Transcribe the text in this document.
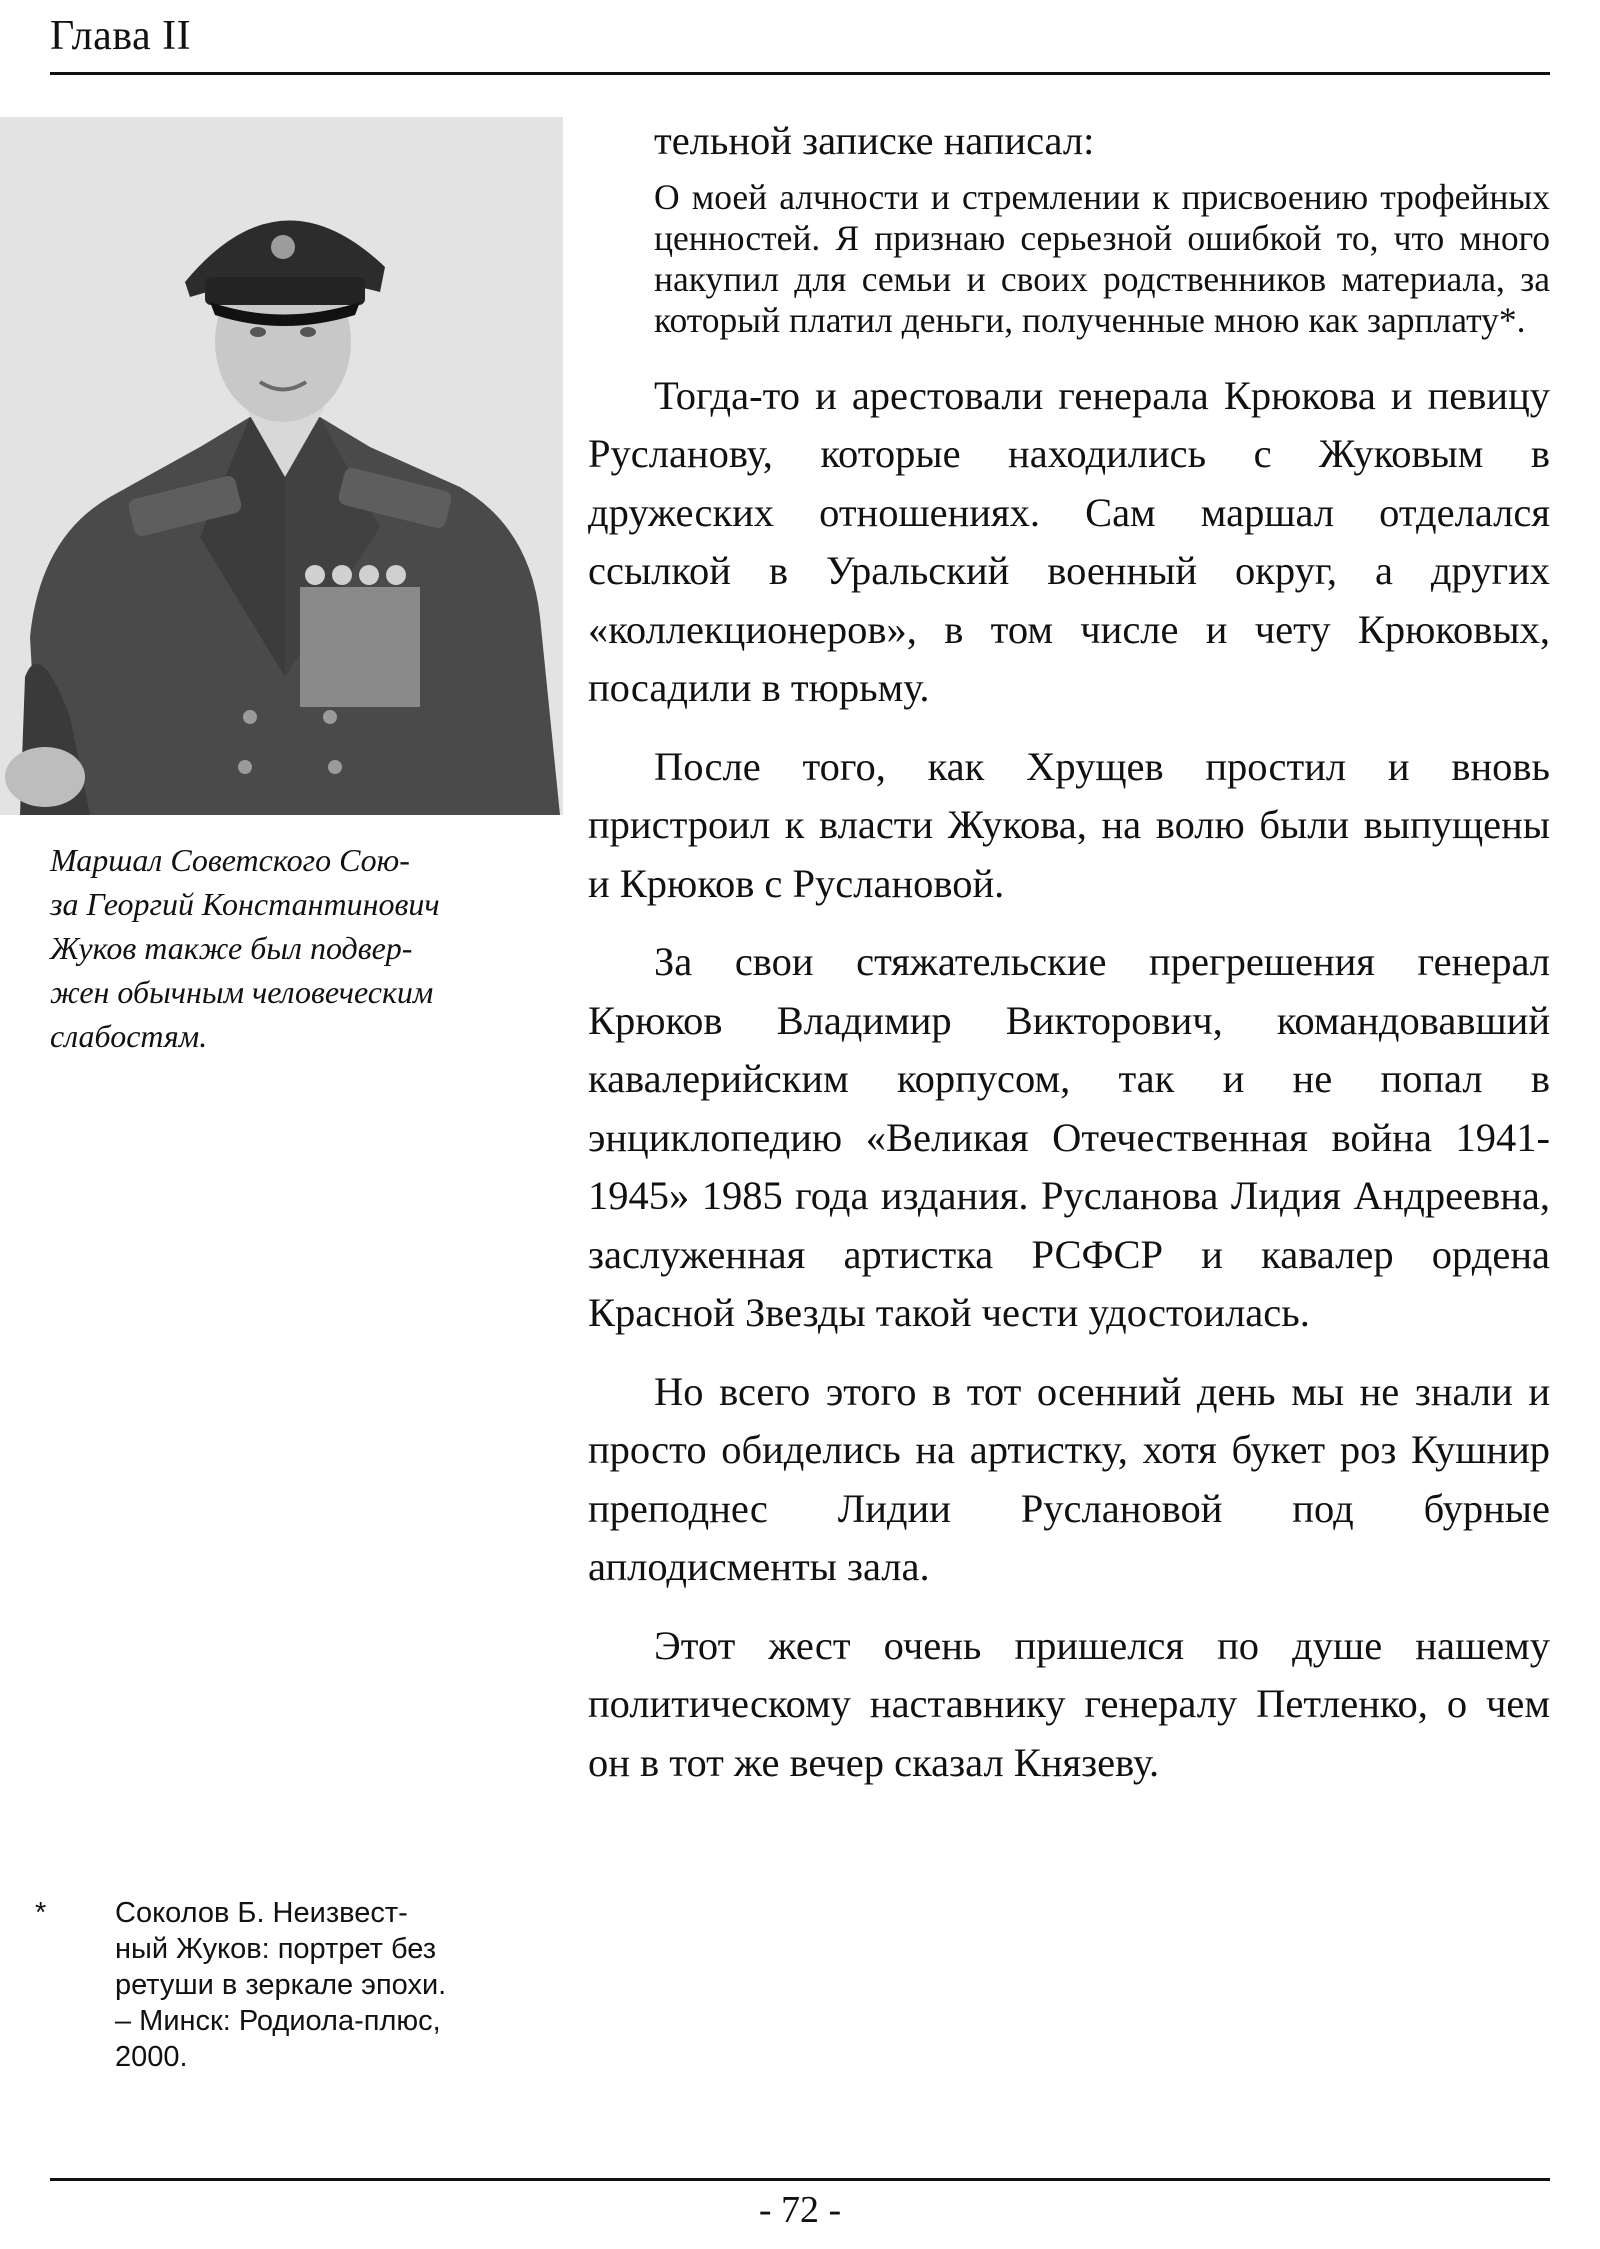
Глава II
Маршал Советского Сою-
за Георгий Константинович
Жуков также был подвер-
жен обычным человеческим
слабостям.
* Соколов Б. Неизвест-
ный Жуков: портрет без
ретуши в зеркале эпохи.
– Минск: Родиола-плюс,
2000.

тельной записке написал:

О моей алчности и стремлении к присвоению трофейных ценностей. Я признаю серьезной ошибкой то, что много накупил для семьи и своих родственников материала, за который платил деньги, полученные мною как зарплату*.

Тогда-то и арестовали генерала Крюкова и певицу Русланову, которые находились с Жуковым в дружеских отношениях. Сам маршал отделался ссылкой в Уральский военный округ, а других «коллекционеров», в том числе и чету Крюковых, посадили в тюрьму.

После того, как Хрущев простил и вновь пристроил к власти Жукова, на волю были выпущены и Крюков с Руслановой.

За свои стяжательские прегрешения генерал Крюков Владимир Викторович, командовавший кавалерийским корпусом, так и не попал в энциклопедию «Великая Отечественная война 1941-1945» 1985 года издания. Русланова Лидия Андреевна, заслуженная артистка РСФСР и кавалер ордена Красной Звезды такой чести удостоилась.

Но всего этого в тот осенний день мы не знали и просто обиделись на артистку, хотя букет роз Кушнир преподнес Лидии Руслановой под бурные аплодисменты зала.

Этот жест очень пришелся по душе нашему политическому наставнику генералу Петленко, о чем он в тот же вечер сказал Князеву.

- 72 -
